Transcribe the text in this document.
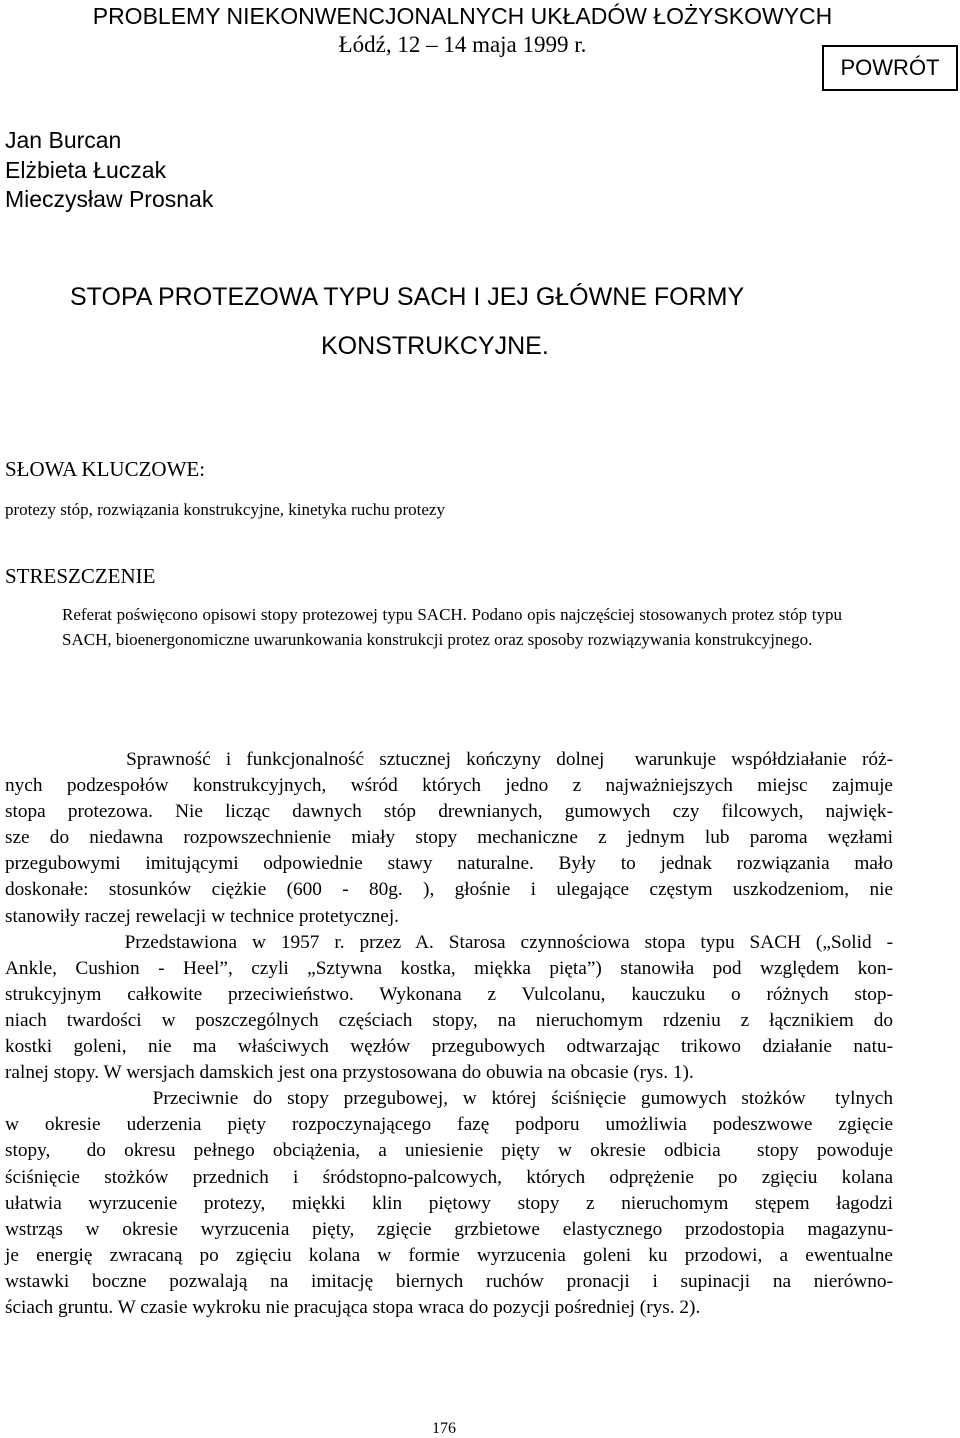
PROBLEMY NIEKONWENCJONALNYCH UKŁADÓW ŁOŻYSKOWYCH
Łódź, 12 – 14 maja 1999 r.
POWRÓT
Jan Burcan
Elżbieta Łuczak
Mieczysław Prosnak
STOPA PROTEZOWA TYPU SACH I JEJ GŁÓWNE FORMY
KONSTRUKCYJNE.
SŁOWA KLUCZOWE:
protezy stóp, rozwiązania konstrukcyjne, kinetyka ruchu protezy
STRESZCZENIE
Referat poświęcono opisowi stopy protezowej typu SACH. Podano opis najczęściej stosowanych protez stóp typu SACH, bioenergonomiczne uwarunkowania konstrukcji protez oraz sposoby rozwiązywania konstrukcyjnego.
Sprawność i funkcjonalność sztucznej kończyny dolnej  warunkuje współdziałanie róż-
nych podzespołów konstrukcyjnych, wśród których jedno z najważniejszych miejsc zajmuje
stopa protezowa. Nie licząc dawnych stóp drewnianych, gumowych czy filcowych, najwięk-
sze do niedawna rozpowszechnienie miały stopy mechaniczne z jednym lub paroma węzłami
przegubowymi imitującymi odpowiednie stawy naturalne. Były to jednak rozwiązania mało
doskonałe: stosunków ciężkie (600 - 80g. ), głośnie i ulegające częstym uszkodzeniom, nie
stanowiły raczej rewelacji w technice protetycznej.
Przedstawiona w 1957 r. przez A. Starosa czynnościowa stopa typu SACH („Solid -
Ankle, Cushion - Heel”, czyli „Sztywna kostka, miękka pięta”) stanowiła pod względem kon-
strukcyjnym całkowite przeciwieństwo. Wykonana z Vulcolanu, kauczuku o różnych stop-
niach twardości w poszczególnych częściach stopy, na nieruchomym rdzeniu z łącznikiem do
kostki goleni, nie ma właściwych węzłów przegubowych odtwarzając trikowo działanie natu-
ralnej stopy. W wersjach damskich jest ona przystosowana do obuwia na obcasie (rys. 1).
Przeciwnie do stopy przegubowej, w której ściśnięcie gumowych stożków  tylnych
w okresie uderzenia pięty rozpoczynającego fazę podporu umożliwia podeszwowe zgięcie
stopy,  do okresu pełnego obciążenia, a uniesienie pięty w okresie odbicia  stopy powoduje
ściśnięcie stożków przednich i śródstopno-palcowych, których odprężenie po zgięciu kolana
ułatwia wyrzucenie protezy, miękki klin piętowy stopy z nieruchomym stępem łagodzi
wstrząs w okresie wyrzucenia pięty, zgięcie grzbietowe elastycznego przodostopia magazynu-
je energię zwracaną po zgięciu kolana w formie wyrzucenia goleni ku przodowi, a ewentualne
wstawki boczne pozwalają na imitację biernych ruchów pronacji i supinacji na nierówno-
ściach gruntu. W czasie wykroku nie pracująca stopa wraca do pozycji pośredniej (rys. 2).
176
